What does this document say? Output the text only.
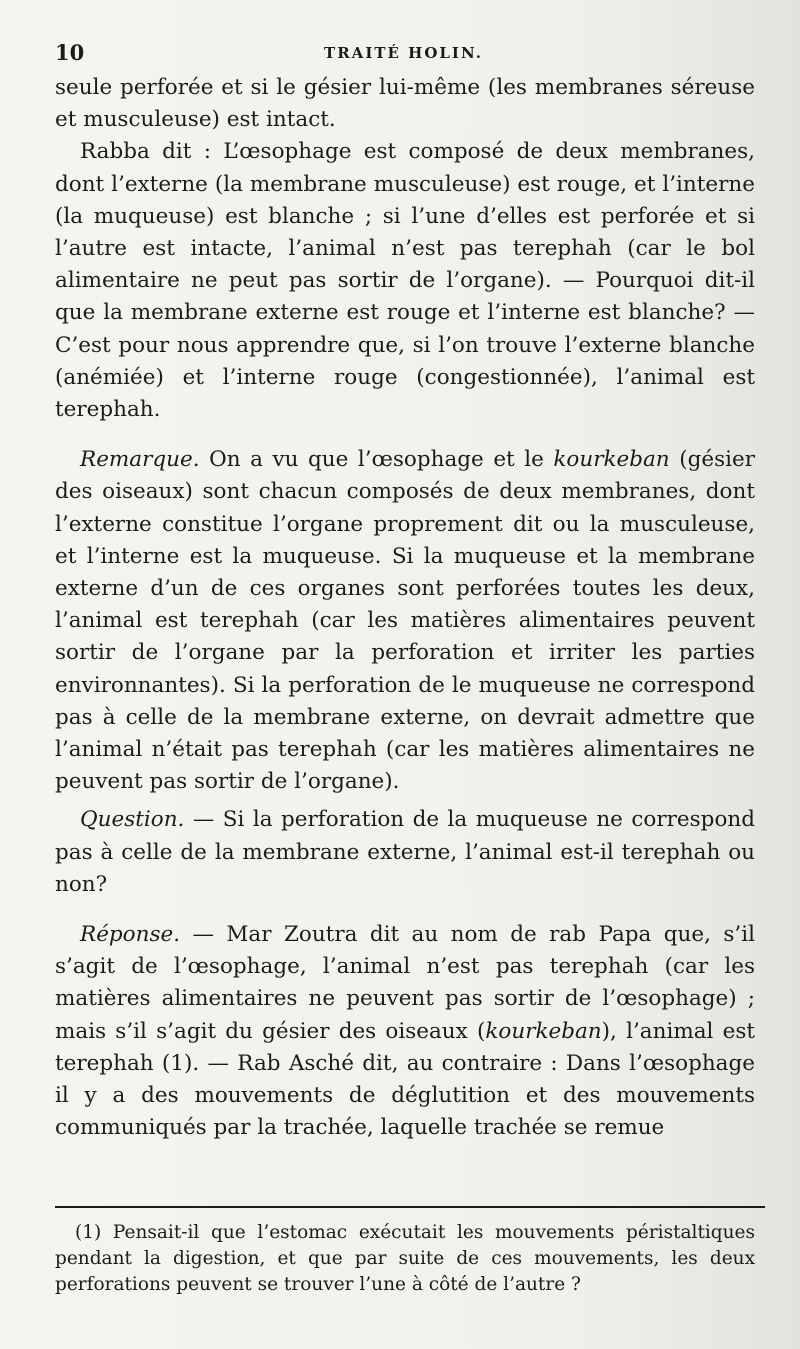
10	TRAITÉ HOLIN.

seule perforée et si le gésier lui-même (les membranes séreuse et musculeuse) est intact.

Rabba dit : L’œsophage est composé de deux membranes, dont l’externe (la membrane musculeuse) est rouge, et l’interne (la muqueuse) est blanche ; si l’une d’elles est perforée et si l’autre est intacte, l’animal n’est pas terephah (car le bol alimentaire ne peut pas sortir de l’organe). — Pourquoi dit-il que la membrane externe est rouge et l’interne est blanche? — C’est pour nous apprendre que, si l’on trouve l’externe blanche (anémiée) et l’interne rouge (congestionnée), l’animal est terephah.

Remarque. On a vu que l’œsophage et le kourkeban (gésier des oiseaux) sont chacun composés de deux membranes, dont l’externe constitue l’organe proprement dit ou la musculeuse, et l’interne est la muqueuse. Si la muqueuse et la membrane externe d’un de ces organes sont perforées toutes les deux, l’animal est terephah (car les matières alimentaires peuvent sortir de l’organe par la perforation et irriter les parties environnantes). Si la perforation de le muqueuse ne correspond pas à celle de la membrane externe, on devrait admettre que l’animal n’était pas terephah (car les matières alimentaires ne peuvent pas sortir de l’organe).

Question. — Si la perforation de la muqueuse ne correspond pas à celle de la membrane externe, l’animal est-il terephah ou non?

Réponse. — Mar Zoutra dit au nom de rab Papa que, s’il s’agit de l’œsophage, l’animal n’est pas terephah (car les matières alimentaires ne peuvent pas sortir de l’œsophage) ; mais s’il s’agit du gésier des oiseaux (kourkeban), l’animal est terephah (1). — Rab Asché dit, au contraire : Dans l’œsophage il y a des mouvements de déglutition et des mouvements communiqués par la trachée, laquelle trachée se remue

(1) Pensait-il que l’estomac exécutait les mouvements péristaltiques pendant la digestion, et que par suite de ces mouvements, les deux perforations peuvent se trouver l’une à côté de l’autre ?
